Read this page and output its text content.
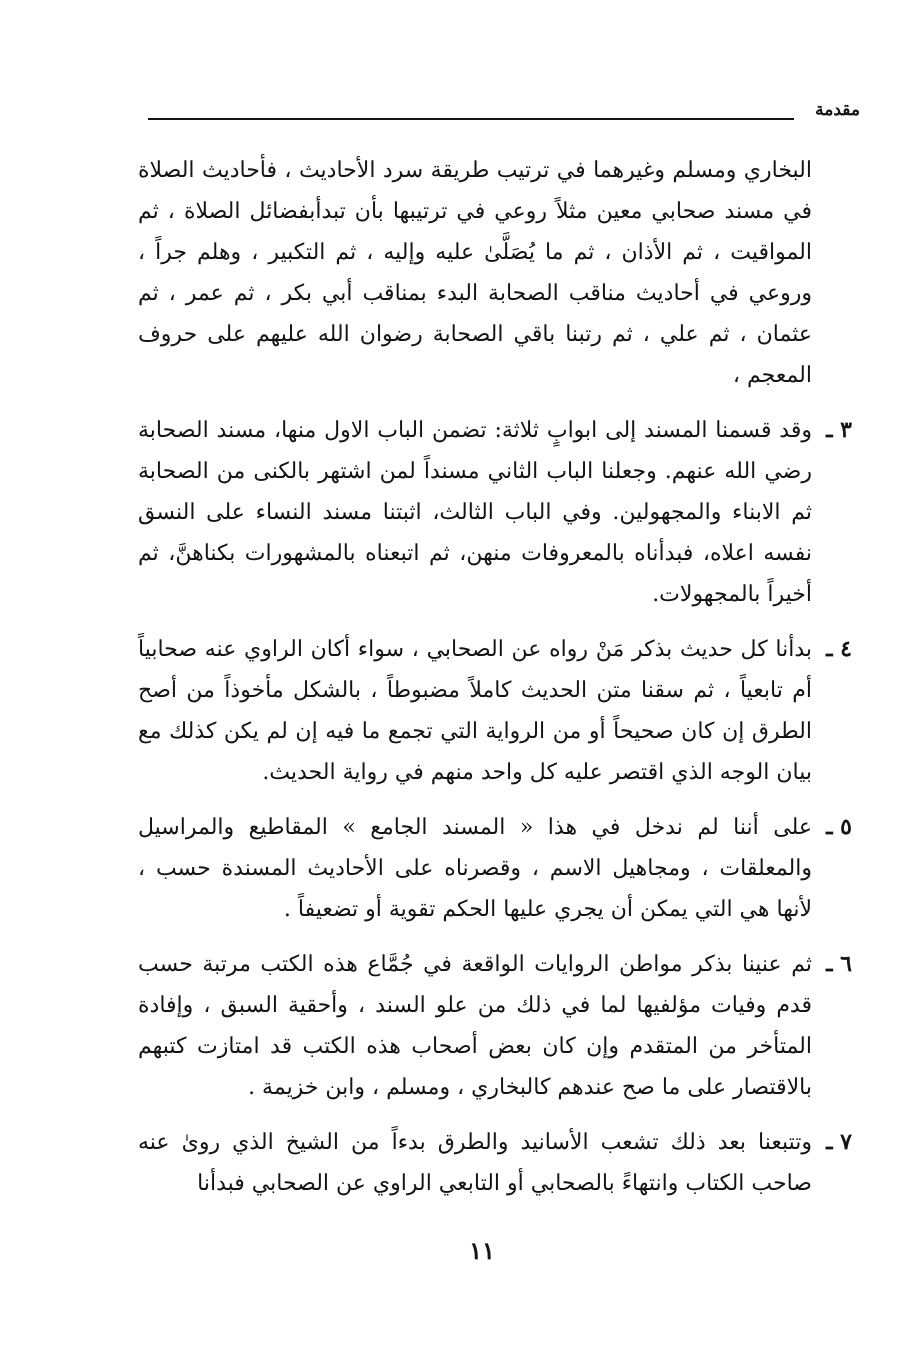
مقدمة

البخاري ومسلم وغيرهما في ترتيب طريقة سرد الأحاديث ، فأحاديث الصلاة في مسند صحابي معين مثلاً روعي في ترتيبها بأن تبدأبفضائل الصلاة ، ثم المواقيت ، ثم الأذان ، ثم ما يُصَلَّىٰ عليه وإليه ، ثم التكبير ، وهلم جراً ، وروعي في أحاديث مناقب الصحابة البدء بمناقب أبي بكر ، ثم عمر ، ثم عثمان ، ثم علي ، ثم رتبنا باقي الصحابة رضوان الله عليهم على حروف المعجم ،

٣ ـ

وقد قسمنا المسند إلى ابوابٍ ثلاثة: تضمن الباب الاول منها، مسند الصحابة رضي الله عنهم. وجعلنا الباب الثاني مسنداً لمن اشتهر بالكنى من الصحابة ثم الابناء والمجهولين. وفي الباب الثالث، اثبتنا مسند النساء على النسق نفسه اعلاه، فبدأناه بالمعروفات منهن، ثم اتبعناه بالمشهورات بكناهنَّ، ثم أخيراً بالمجهولات.

٤ ـ

بدأنا كل حديث بذكر مَنْ رواه عن الصحابي ، سواء أكان الراوي عنه صحابياً أم تابعياً ، ثم سقنا متن الحديث كاملاً مضبوطاً ، بالشكل مأخوذاً من أصح الطرق إن كان صحيحاً أو من الرواية التي تجمع ما فيه إن لم يكن كذلك مع بيان الوجه الذي اقتصر عليه كل واحد منهم في رواية الحديث.

٥ ـ

على أننا لم ندخل في هذا « المسند الجامع » المقاطيع والمراسيل والمعلقات ، ومجاهيل الاسم ، وقصرناه على الأحاديث المسندة حسب ، لأنها هي التي يمكن أن يجري عليها الحكم تقوية أو تضعيفاً .

٦ ـ

ثم عنينا بذكر مواطن الروايات الواقعة في جُمَّاع هذه الكتب مرتبة حسب قدم وفيات مؤلفيها لما في ذلك من علو السند ، وأحقية السبق ، وإفادة المتأخر من المتقدم وإن كان بعض أصحاب هذه الكتب قد امتازت كتبهم بالاقتصار على ما صح عندهم كالبخاري ، ومسلم ، وابن خزيمة .

٧ ـ

وتتبعنا بعد ذلك تشعب الأسانيد والطرق بدءاً من الشيخ الذي روىٰ عنه صاحب الكتاب وانتهاءً بالصحابي أو التابعي الراوي عن الصحابي فبدأنا

١١
